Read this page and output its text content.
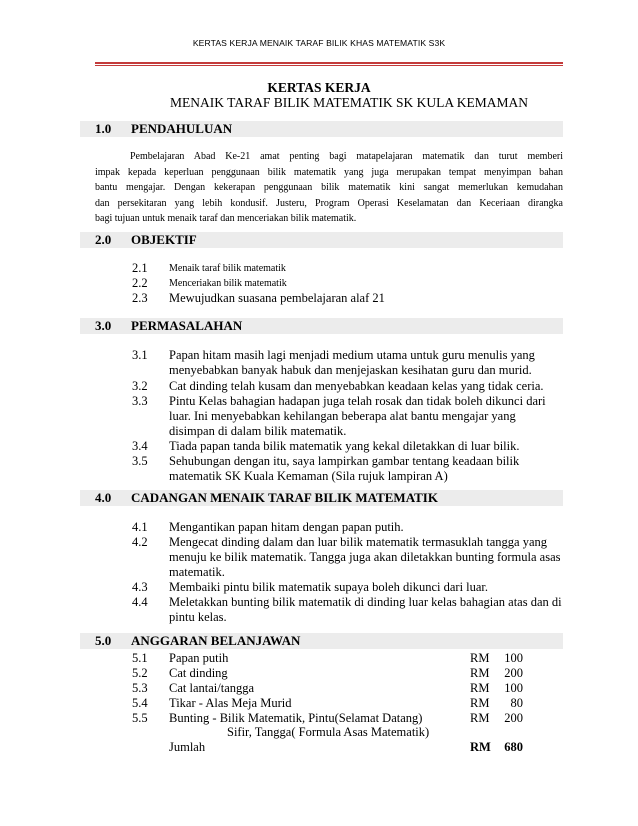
KERTAS KERJA MENAIK TARAF BILIK KHAS MATEMATIK S3K
KERTAS KERJA
MENAIK TARAF BILIK MATEMATIK SK KULA KEMAMAN
1.0 PENDAHULUAN
Pembelajaran Abad Ke-21 amat penting bagi matapelajaran matematik dan turut memberi
impak kepada keperluan penggunaan bilik matematik yang juga merupakan tempat menyimpan bahan
bantu mengajar. Dengan kekerapan penggunaan bilik matematik kini sangat memerlukan kemudahan
dan persekitaran yang lebih kondusif. Justeru, Program Operasi Keselamatan dan Keceriaan dirangka
bagi tujuan untuk menaik taraf dan menceriakan bilik matematik.
2.0 OBJEKTIF
2.1 Menaik taraf bilik matematik
2.2 Menceriakan bilik matematik
2.3 Mewujudkan suasana pembelajaran alaf 21
3.0 PERMASALAHAN
3.1 Papan hitam masih lagi menjadi medium utama untuk guru menulis yang
menyebabkan banyak habuk dan menjejaskan kesihatan guru dan murid.
3.2 Cat dinding telah kusam dan menyebabkan keadaan kelas yang tidak ceria.
3.3 Pintu Kelas bahagian hadapan juga telah rosak dan tidak boleh dikunci dari
luar. Ini menyebabkan kehilangan beberapa alat bantu mengajar yang
disimpan di dalam bilik matematik.
3.4 Tiada papan tanda bilik matematik yang kekal diletakkan di luar bilik.
3.5 Sehubungan dengan itu, saya lampirkan gambar tentang keadaan bilik
matematik SK Kuala Kemaman (Sila rujuk lampiran A)
4.0 CADANGAN MENAIK TARAF BILIK MATEMATIK
4.1 Mengantikan papan hitam dengan papan putih.
4.2 Mengecat dinding dalam dan luar bilik matematik termasuklah tangga yang
menuju ke bilik matematik. Tangga juga akan diletakkan bunting formula asas
matematik.
4.3 Membaiki pintu bilik matematik supaya boleh dikunci dari luar.
4.4 Meletakkan bunting bilik matematik di dinding luar kelas bahagian atas dan di
pintu kelas.
5.0 ANGGARAN BELANJAWAN
5.1 Papan putih	RM	100
5.2 Cat dinding	RM	200
5.3 Cat lantai/tangga	RM	100
5.4 Tikar - Alas Meja Murid	RM	80
5.5 Bunting - Bilik Matematik, Pintu(Selamat Datang)	RM	200
Sifir, Tangga( Formula Asas Matematik)
Jumlah	RM	680
